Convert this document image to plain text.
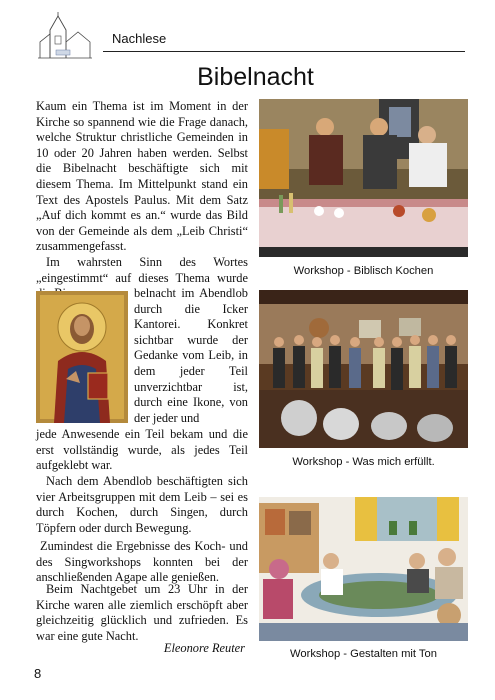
Nachlese
Bibelnacht

Kaum ein Thema ist im Moment in der Kirche so spannend wie die Frage danach, welche Struktur christliche Gemeinden in 10 oder 20 Jahren haben werden. Selbst die Bibelnacht beschäftigte sich mit diesem Thema. Im Mittelpunkt stand ein Text des Apostels Paulus. Mit dem Satz „Auf dich kommt es an.“ wurde das Bild von der Gemeinde als dem „Leib Christi“ zusammengefasst.

Im wahrsten Sinn des Wortes „eingestimmt“ auf dieses Thema wurde

belnacht im Abendlob durch die Icker Kantorei. Konkret sichtbar wurde der Gedanke vom Leib, in dem jeder Teil unverzichtbar ist, durch eine Ikone, von der jeder und

jede Anwesende ein Teil bekam und die erst vollständig wurde, als jedes Teil aufgeklebt war.

Nach dem Abendlob beschäftigten sich vier Arbeitsgruppen mit dem Leib – sei es durch Kochen, durch Singen, durch Töpfern oder durch Bewegung.

Zumindest die Ergebnisse des Koch- und des Singworkshops konnten bei der anschließenden Agape alle genießen.

Beim Nachtgebet um 23 Uhr in der Kirche waren alle ziemlich erschöpft aber gleichzeitig glücklich und zufrieden. Es war eine gute Nacht.

Eleonore Reuter
8
Workshop - Biblisch Kochen
Workshop - Was mich erfüllt.
Workshop - Gestalten mit Ton
